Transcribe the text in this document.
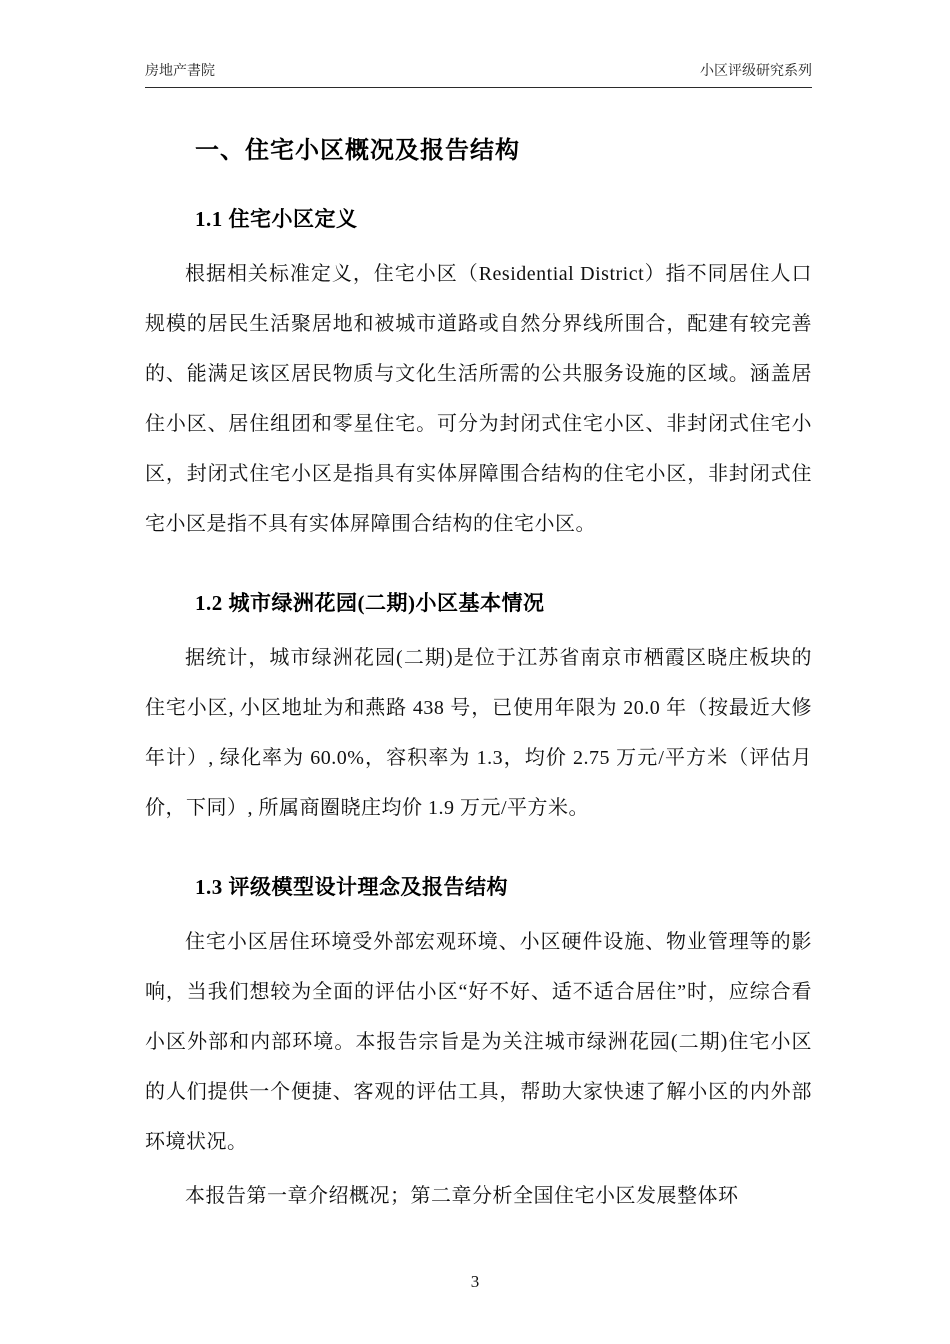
房地产書院	小区评级研究系列
一、住宅小区概况及报告结构
1.1 住宅小区定义

根据相关标准定义，住宅小区（Residential District）指不同居住人口规模的居民生活聚居地和被城市道路或自然分界线所围合，配建有较完善的、能满足该区居民物质与文化生活所需的公共服务设施的区域。涵盖居住小区、居住组团和零星住宅。可分为封闭式住宅小区、非封闭式住宅小区，封闭式住宅小区是指具有实体屏障围合结构的住宅小区，非封闭式住宅小区是指不具有实体屏障围合结构的住宅小区。

1.2 城市绿洲花园(二期)小区基本情况

据统计，城市绿洲花园(二期)是位于江苏省南京市栖霞区晓庄板块的住宅小区, 小区地址为和燕路 438 号，已使用年限为 20.0 年（按最近大修年计）, 绿化率为 60.0%，容积率为 1.3，均价 2.75 万元/平方米（评估月价，下同）, 所属商圈晓庄均价 1.9 万元/平方米。

1.3 评级模型设计理念及报告结构

住宅小区居住环境受外部宏观环境、小区硬件设施、物业管理等的影响，当我们想较为全面的评估小区“好不好、适不适合居住”时，应综合看小区外部和内部环境。本报告宗旨是为关注城市绿洲花园(二期)住宅小区的人们提供一个便捷、客观的评估工具，帮助大家快速了解小区的内外部环境状况。

本报告第一章介绍概况；第二章分析全国住宅小区发展整体环

3
